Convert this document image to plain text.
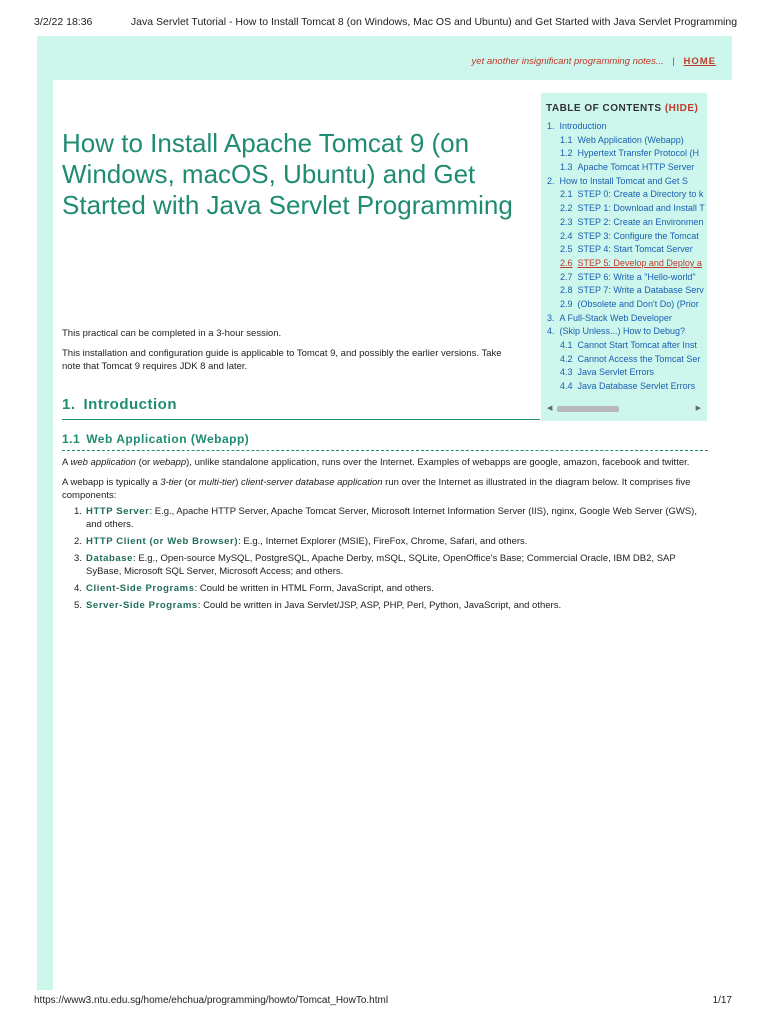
3/2/22 18:36	Java Servlet Tutorial - How to Install Tomcat 8 (on Windows, Mac OS and Ubuntu) and Get Started with Java Servlet Programming
yet another insignificant programming notes... | HOME
How to Install Apache Tomcat 9 (on Windows, macOS, Ubuntu) and Get Started with Java Servlet Programming
TABLE OF CONTENTS (HIDE)
1. Introduction
1.1 Web Application (Webapp)
1.2 Hypertext Transfer Protocol (H
1.3 Apache Tomcat HTTP Server
2. How to Install Tomcat and Get S
2.1 STEP 0: Create a Directory to k
2.2 STEP 1: Download and Install T
2.3 STEP 2: Create an Environmen
2.4 STEP 3: Configure the Tomcat
2.5 STEP 4: Start Tomcat Server
2.6 STEP 5: Develop and Deploy a
2.7 STEP 6: Write a "Hello-world"
2.8 STEP 7: Write a Database Serv
2.9 (Obsolete and Don't Do) (Prior
3. A Full-Stack Web Developer
4. (Skip Unless...) How to Debug?
4.1 Cannot Start Tomcat after Inst
4.2 Cannot Access the Tomcat Ser
4.3 Java Servlet Errors
4.4 Java Database Servlet Errors
◀	▶

This practical can be completed in a 3-hour session.

This installation and configuration guide is applicable to Tomcat 9, and possibly the earlier versions. Take note that Tomcat 9 requires JDK 8 and later.

1. Introduction
1.1 Web Application (Webapp)

A web application (or webapp), unlike standalone application, runs over the Internet. Examples of webapps are google, amazon, facebook and twitter.

A webapp is typically a 3-tier (or multi-tier) client-server database application run over the Internet as illustrated in the diagram below. It comprises five components:

1. HTTP Server: E.g., Apache HTTP Server, Apache Tomcat Server, Microsoft Internet Information Server (IIS), nginx, Google Web Server (GWS), and others.
2. HTTP Client (or Web Browser): E.g., Internet Explorer (MSIE), FireFox, Chrome, Safari, and others.
3. Database: E.g., Open-source MySQL, PostgreSQL, Apache Derby, mSQL, SQLite, OpenOffice's Base; Commercial Oracle, IBM DB2, SAP SyBase, Microsoft SQL Server, Microsoft Access; and others.
4. Client-Side Programs: Could be written in HTML Form, JavaScript, and others.
5. Server-Side Programs: Could be written in Java Servlet/JSP, ASP, PHP, Perl, Python, JavaScript, and others.
https://www3.ntu.edu.sg/home/ehchua/programming/howto/Tomcat_HowTo.html	1/17
